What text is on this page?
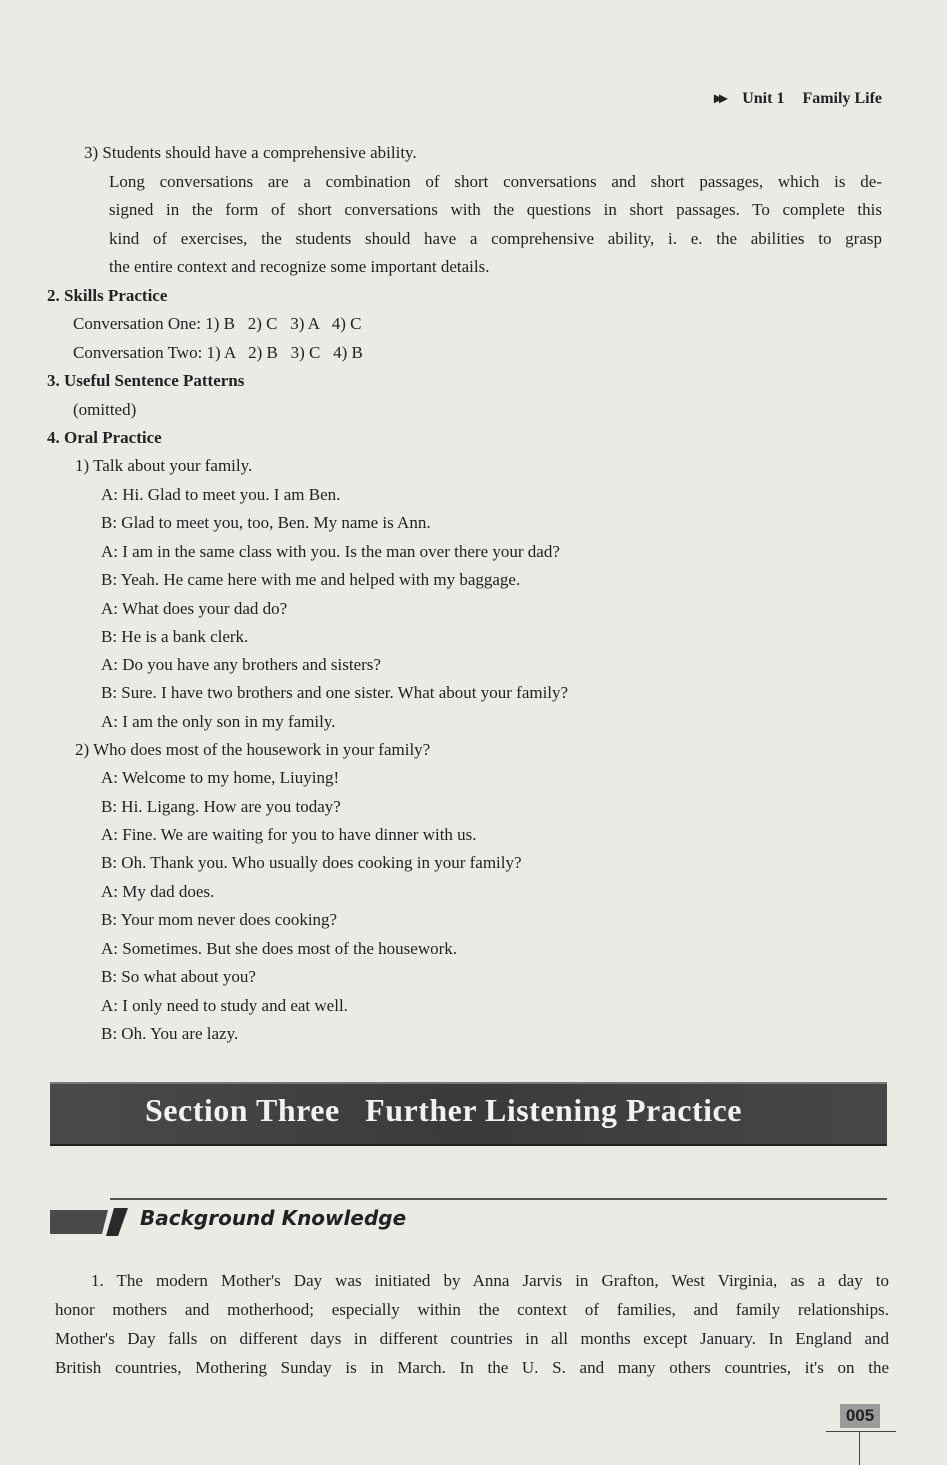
▸▸ Unit 1 Family Life
3) Students should have a comprehensive ability.
Long conversations are a combination of short conversations and short passages, which is de-
signed in the form of short conversations with the questions in short passages. To complete this
kind of exercises, the students should have a comprehensive ability, i. e. the abilities to grasp
the entire context and recognize some important details.
2. Skills Practice
Conversation One: 1) B   2) C   3) A   4) C
Conversation Two: 1) A   2) B   3) C   4) B
3. Useful Sentence Patterns
(omitted)
4. Oral Practice
1) Talk about your family.
A: Hi. Glad to meet you. I am Ben.
B: Glad to meet you, too, Ben. My name is Ann.
A: I am in the same class with you. Is the man over there your dad?
B: Yeah. He came here with me and helped with my baggage.
A: What does your dad do?
B: He is a bank clerk.
A: Do you have any brothers and sisters?
B: Sure. I have two brothers and one sister. What about your family?
A: I am the only son in my family.
2) Who does most of the housework in your family?
A: Welcome to my home, Liuying!
B: Hi. Ligang. How are you today?
A: Fine. We are waiting for you to have dinner with us.
B: Oh. Thank you. Who usually does cooking in your family?
A: My dad does.
B: Your mom never does cooking?
A: Sometimes. But she does most of the housework.
B: So what about you?
A: I only need to study and eat well.
B: Oh. You are lazy.
Section Three   Further Listening Practice
Background Knowledge
1. The modern Mother's Day was initiated by Anna Jarvis in Grafton, West Virginia, as a day to
honor mothers and motherhood; especially within the context of families, and family relationships.
Mother's Day falls on different days in different countries in all months except January. In England and
British countries, Mothering Sunday is in March. In the U. S. and many others countries, it's on the
005
